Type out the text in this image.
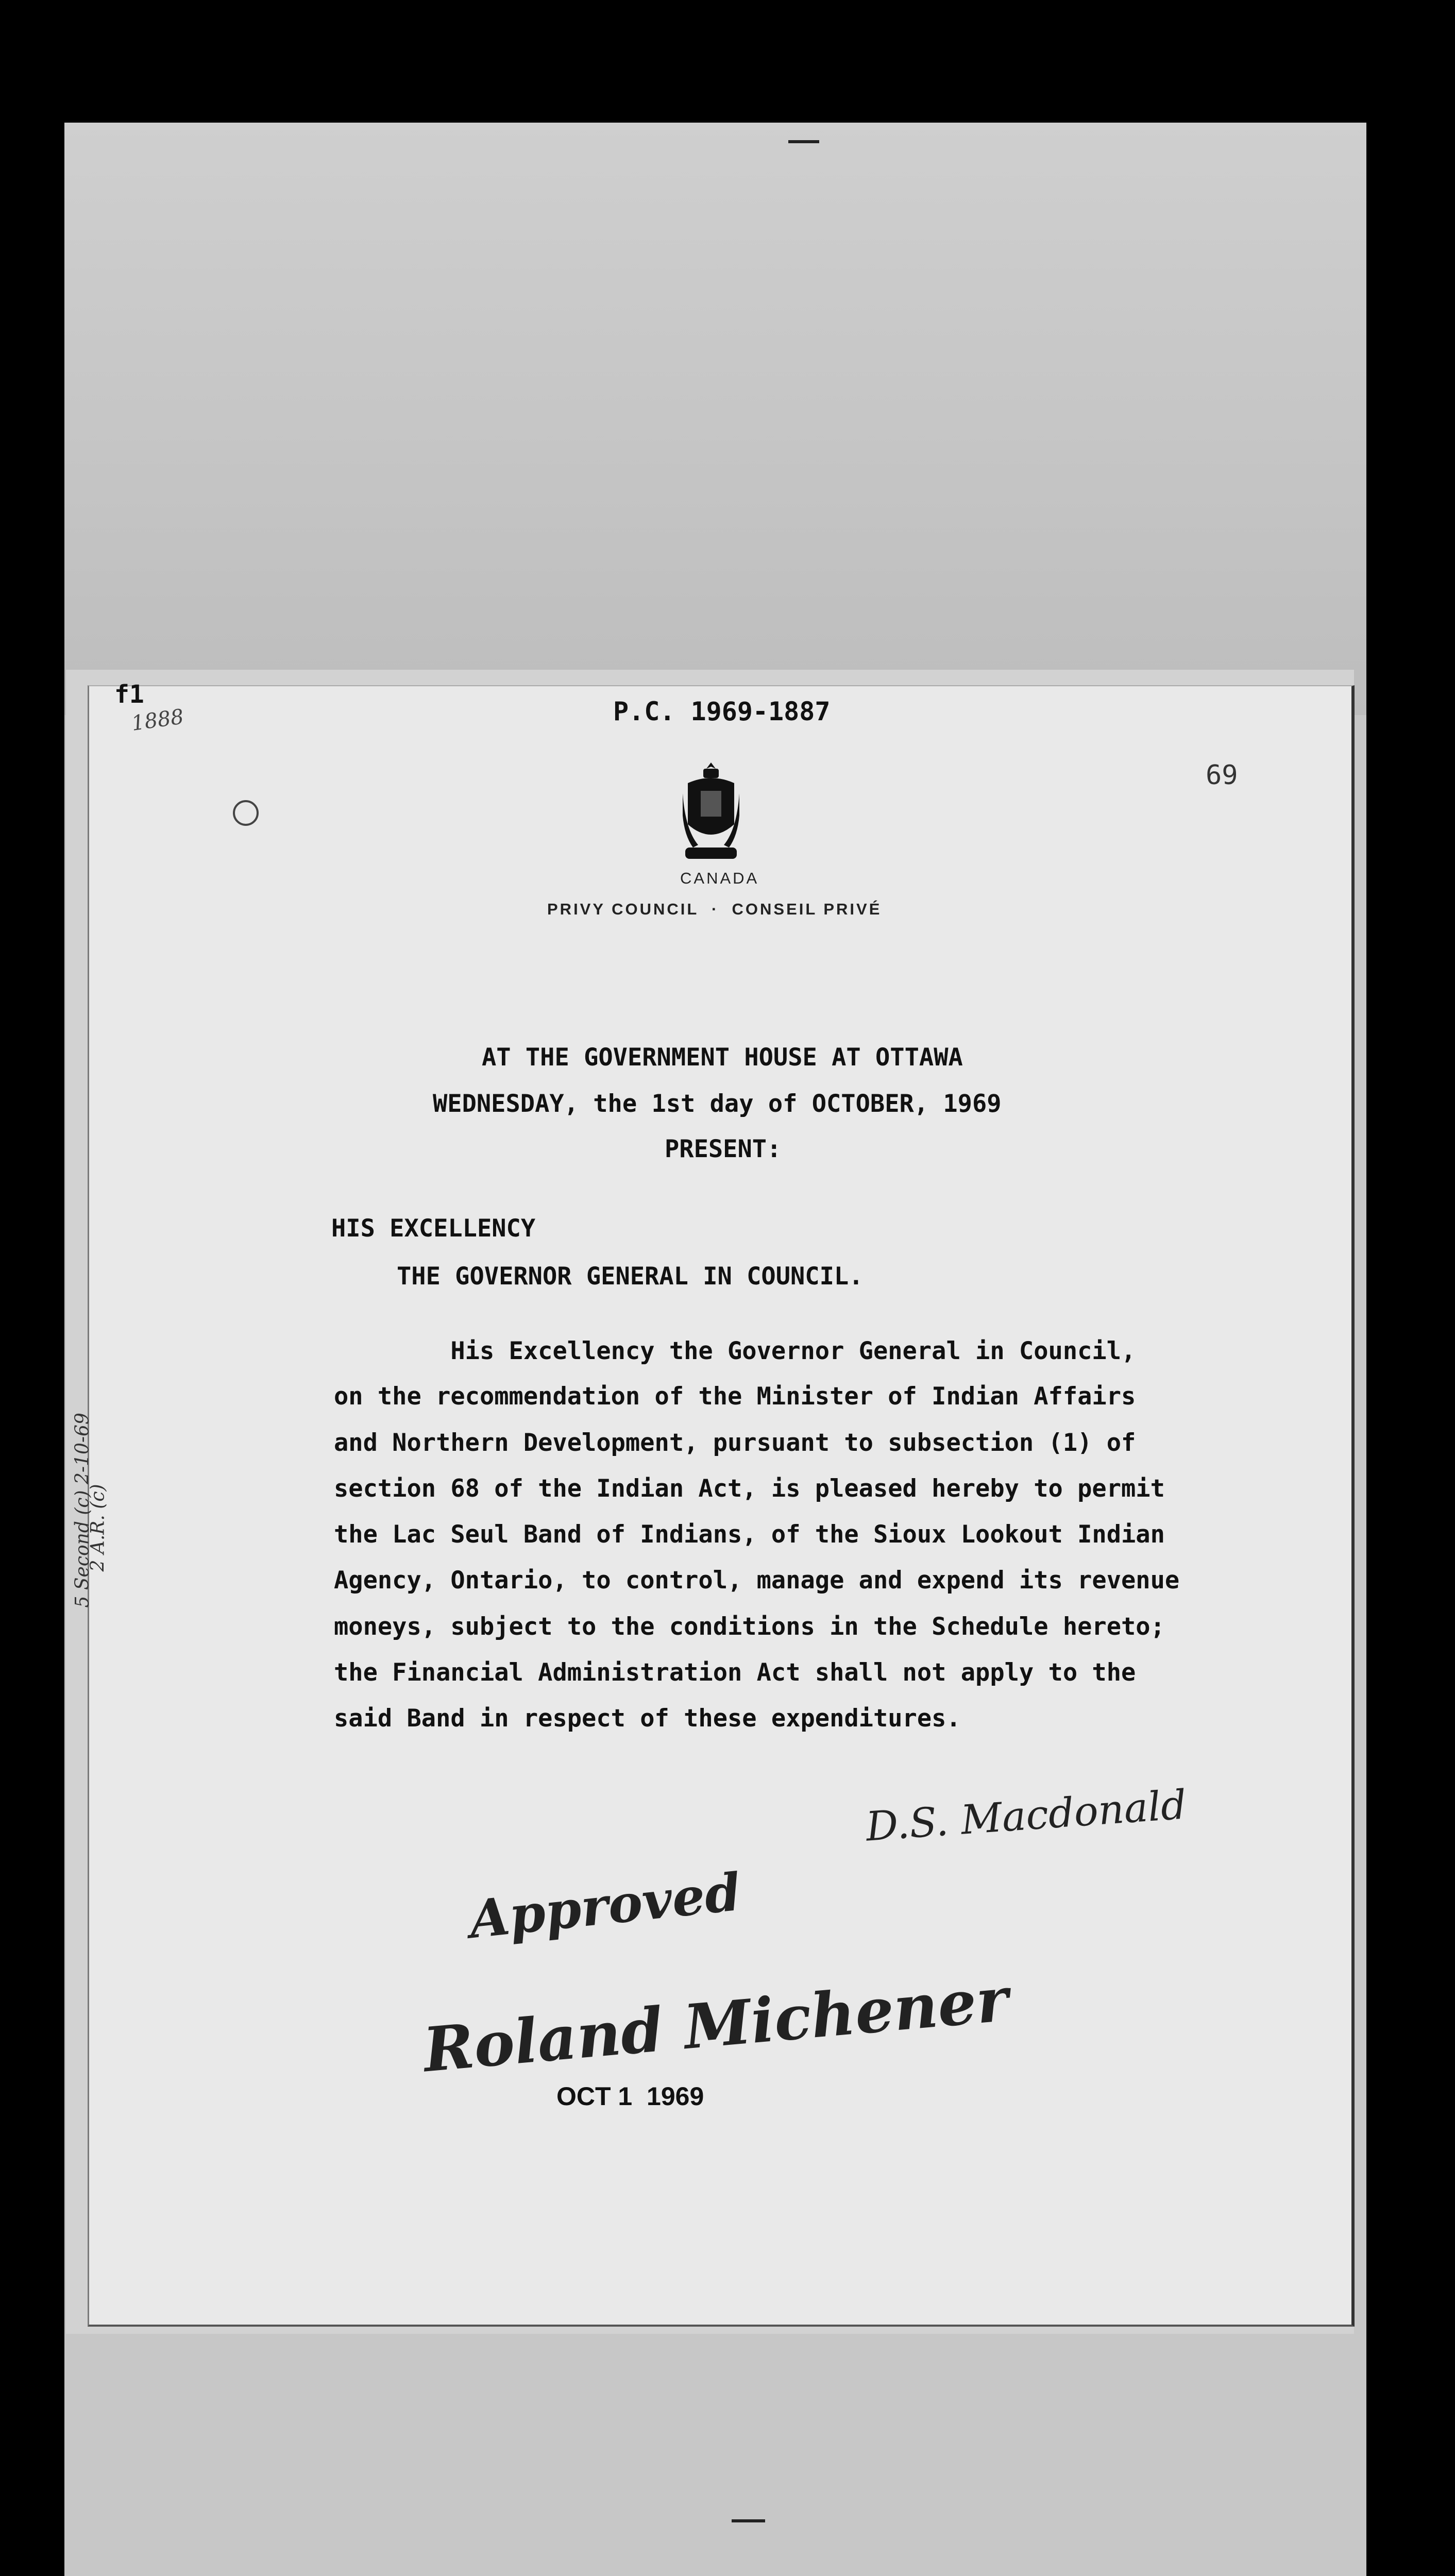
f1
1888	P.C. 1969-1887
69
CANADA
PRIVY COUNCIL  ·  CONSEIL PRIVÉ
AT THE GOVERNMENT HOUSE AT OTTAWA
WEDNESDAY, the 1st day of OCTOBER, 1969
PRESENT:
HIS EXCELLENCY
THE GOVERNOR GENERAL IN COUNCIL.
His Excellency the Governor General in Council,
on the recommendation of the Minister of Indian Affairs
and Northern Development, pursuant to subsection (1) of
section 68 of the Indian Act, is pleased hereby to permit
the Lac Seul Band of Indians, of the Sioux Lookout Indian
Agency, Ontario, to control, manage and expend its revenue
moneys, subject to the conditions in the Schedule hereto;
the Financial Administration Act shall not apply to the
said Band in respect of these expenditures.
5 Second (c) 2-10-69
2 A.R. (c)
D.S. Macdonald
Approved
Roland Michener
OCT 1  1969
